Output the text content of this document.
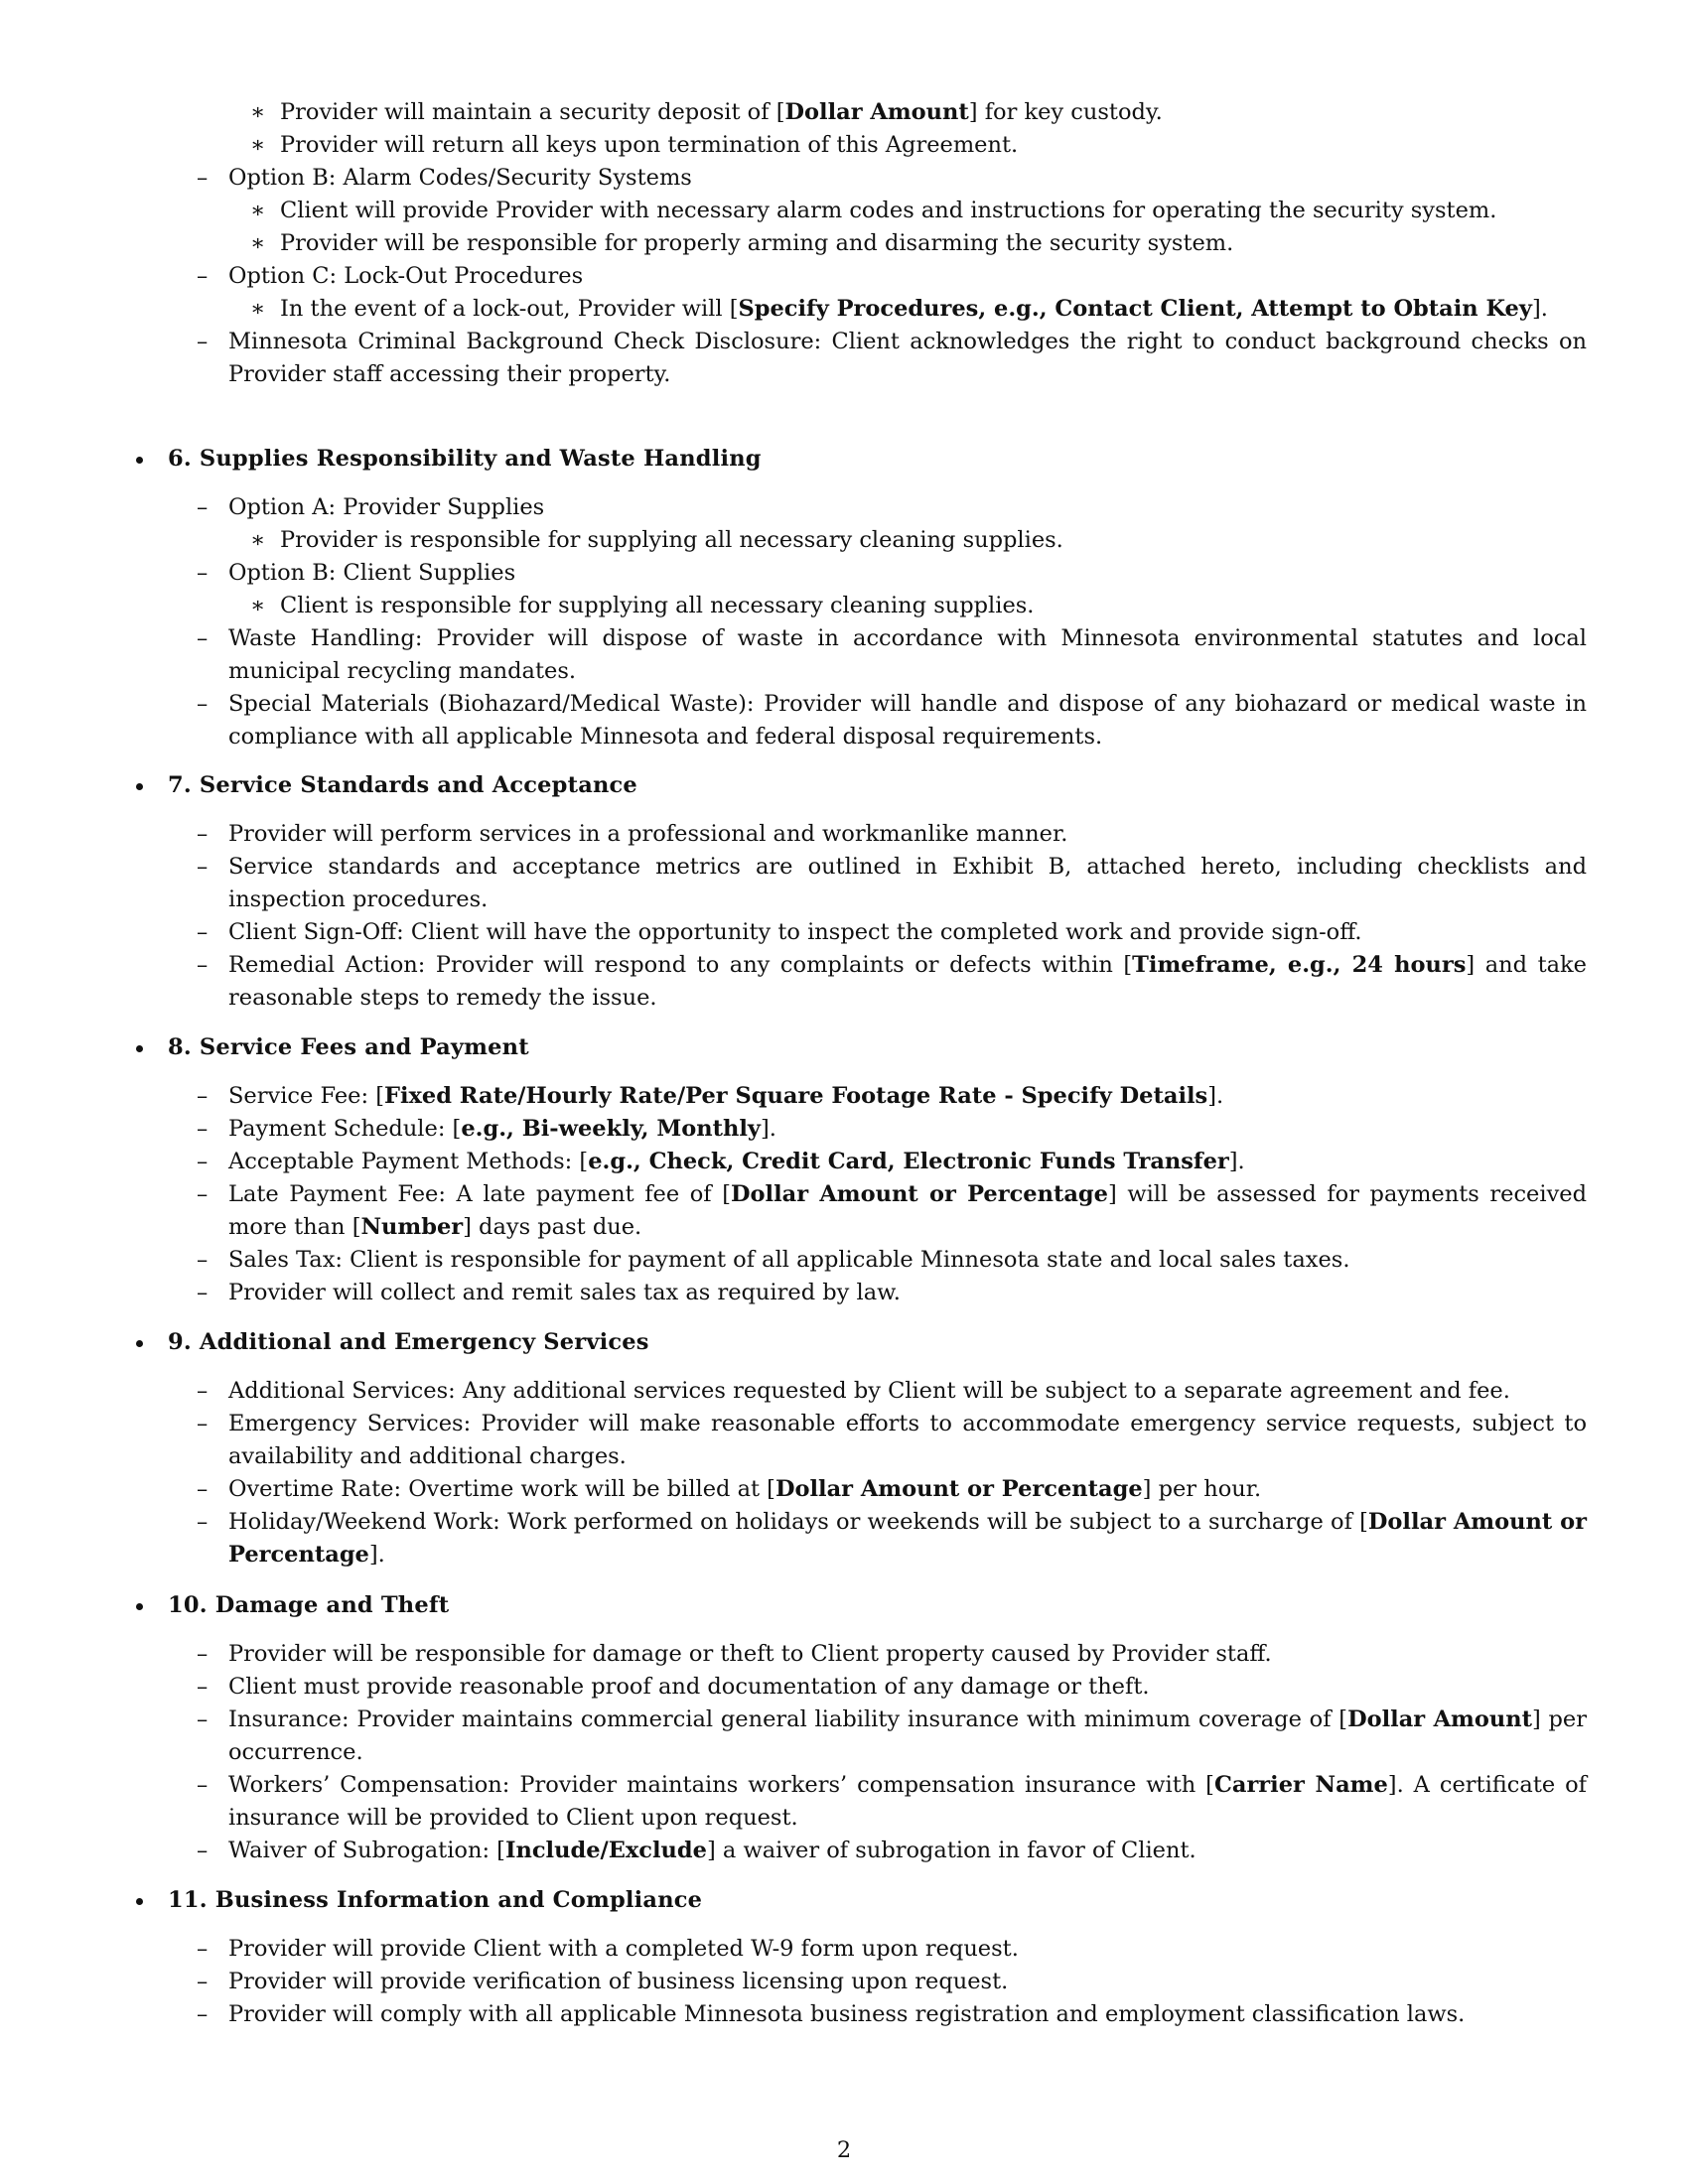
∗ Provider will maintain a security deposit of [Dollar Amount] for key custody.
∗ Provider will return all keys upon termination of this Agreement.
– Option B: Alarm Codes/Security Systems
∗ Client will provide Provider with necessary alarm codes and instructions for operating the security system.
∗ Provider will be responsible for properly arming and disarming the security system.
– Option C: Lock-Out Procedures
∗ In the event of a lock-out, Provider will [Specify Procedures, e.g., Contact Client, Attempt to Obtain Key].
– Minnesota Criminal Background Check Disclosure: Client acknowledges the right to conduct background checks on Provider staff accessing their property.
6. Supplies Responsibility and Waste Handling
– Option A: Provider Supplies
∗ Provider is responsible for supplying all necessary cleaning supplies.
– Option B: Client Supplies
∗ Client is responsible for supplying all necessary cleaning supplies.
– Waste Handling: Provider will dispose of waste in accordance with Minnesota environmental statutes and local municipal recycling mandates.
– Special Materials (Biohazard/Medical Waste): Provider will handle and dispose of any biohazard or medical waste in compliance with all applicable Minnesota and federal disposal requirements.
7. Service Standards and Acceptance
– Provider will perform services in a professional and workmanlike manner.
– Service standards and acceptance metrics are outlined in Exhibit B, attached hereto, including checklists and inspection procedures.
– Client Sign-Off: Client will have the opportunity to inspect the completed work and provide sign-off.
– Remedial Action: Provider will respond to any complaints or defects within [Timeframe, e.g., 24 hours] and take reasonable steps to remedy the issue.
8. Service Fees and Payment
– Service Fee: [Fixed Rate/Hourly Rate/Per Square Footage Rate - Specify Details].
– Payment Schedule: [e.g., Bi-weekly, Monthly].
– Acceptable Payment Methods: [e.g., Check, Credit Card, Electronic Funds Transfer].
– Late Payment Fee: A late payment fee of [Dollar Amount or Percentage] will be assessed for payments received more than [Number] days past due.
– Sales Tax: Client is responsible for payment of all applicable Minnesota state and local sales taxes.
– Provider will collect and remit sales tax as required by law.
9. Additional and Emergency Services
– Additional Services: Any additional services requested by Client will be subject to a separate agreement and fee.
– Emergency Services: Provider will make reasonable efforts to accommodate emergency service requests, subject to availability and additional charges.
– Overtime Rate: Overtime work will be billed at [Dollar Amount or Percentage] per hour.
– Holiday/Weekend Work: Work performed on holidays or weekends will be subject to a surcharge of [Dollar Amount or Percentage].
10. Damage and Theft
– Provider will be responsible for damage or theft to Client property caused by Provider staff.
– Client must provide reasonable proof and documentation of any damage or theft.
– Insurance: Provider maintains commercial general liability insurance with minimum coverage of [Dollar Amount] per occurrence.
– Workers’ Compensation: Provider maintains workers’ compensation insurance with [Carrier Name]. A certificate of insurance will be provided to Client upon request.
– Waiver of Subrogation: [Include/Exclude] a waiver of subrogation in favor of Client.
11. Business Information and Compliance
– Provider will provide Client with a completed W-9 form upon request.
– Provider will provide verification of business licensing upon request.
– Provider will comply with all applicable Minnesota business registration and employment classification laws.
2
